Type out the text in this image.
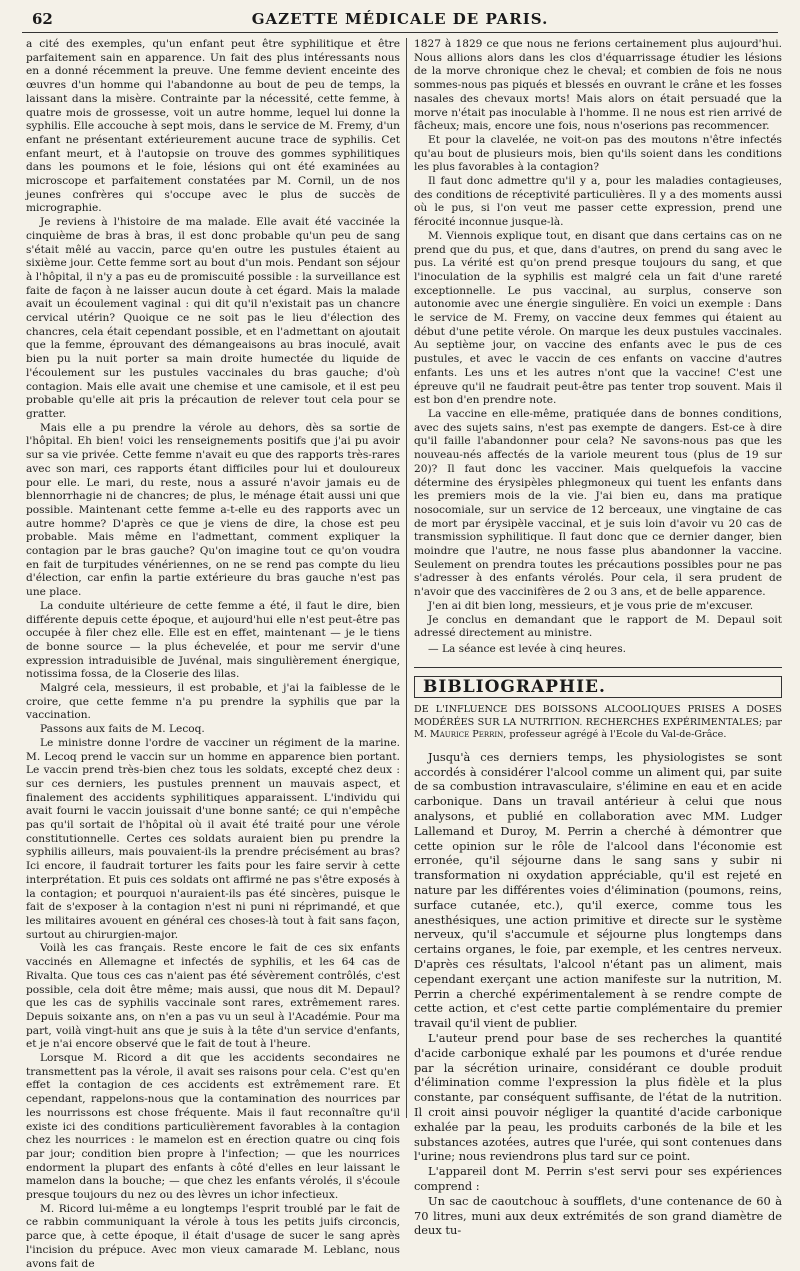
62	GAZETTE MÉDICALE DE PARIS.

a cité des exemples, qu'un enfant peut être syphilitique et être parfaitement sain en apparence. Un fait des plus intéressants nous en a donné récemment la preuve. Une femme devient enceinte des œuvres d'un homme qui l'abandonne au bout de peu de temps, la laissant dans la misère. Contrainte par la nécessité, cette femme, à quatre mois de grossesse, voit un autre homme, lequel lui donne la syphilis. Elle accouche à sept mois, dans le service de M. Fremy, d'un enfant ne présentant extérieurement aucune trace de syphilis. Cet enfant meurt, et à l'autopsie on trouve des gommes syphilitiques dans les poumons et le foie, lésions qui ont été examinées au microscope et parfaitement constatées par M. Cornil, un de nos jeunes confrères qui s'occupe avec le plus de succès de micrographie.

Je reviens à l'histoire de ma malade. Elle avait été vaccinée la cinquième de bras à bras, il est donc probable qu'un peu de sang s'était mêlé au vaccin, parce qu'en outre les pustules étaient au sixième jour. Cette femme sort au bout d'un mois. Pendant son séjour à l'hôpital, il n'y a pas eu de promiscuité possible : la surveillance est faite de façon à ne laisser aucun doute à cet égard. Mais la malade avait un écoulement vaginal : qui dit qu'il n'existait pas un chancre cervical utérin? Quoique ce ne soit pas le lieu d'élection des chancres, cela était cependant possible, et en l'admettant on ajoutait que la femme, éprouvant des démangeaisons au bras inoculé, avait bien pu la nuit porter sa main droite humectée du liquide de l'écoulement sur les pustules vaccinales du bras gauche; d'où contagion. Mais elle avait une chemise et une camisole, et il est peu probable qu'elle ait pris la précaution de relever tout cela pour se gratter.

Mais elle a pu prendre la vérole au dehors, dès sa sortie de l'hôpital. Eh bien! voici les renseignements positifs que j'ai pu avoir sur sa vie privée. Cette femme n'avait eu que des rapports très-rares avec son mari, ces rapports étant difficiles pour lui et douloureux pour elle. Le mari, du reste, nous a assuré n'avoir jamais eu de blennorrhagie ni de chancres; de plus, le ménage était aussi uni que possible. Maintenant cette femme a-t-elle eu des rapports avec un autre homme? D'après ce que je viens de dire, la chose est peu probable. Mais même en l'admettant, comment expliquer la contagion par le bras gauche? Qu'on imagine tout ce qu'on voudra en fait de turpitudes vénériennes, on ne se rend pas compte du lieu d'élection, car enfin la partie extérieure du bras gauche n'est pas une place.

La conduite ultérieure de cette femme a été, il faut le dire, bien différente depuis cette époque, et aujourd'hui elle n'est peut-être pas occupée à filer chez elle. Elle est en effet, maintenant — je le tiens de bonne source — la plus échevelée, et pour me servir d'une expression intraduisible de Juvénal, mais singulièrement énergique, notissima fossa, de la Closerie des lilas.

Malgré cela, messieurs, il est probable, et j'ai la faiblesse de le croire, que cette femme n'a pu prendre la syphilis que par la vaccination.

Passons aux faits de M. Lecoq.

Le ministre donne l'ordre de vacciner un régiment de la marine. M. Lecoq prend le vaccin sur un homme en apparence bien portant. Le vaccin prend très-bien chez tous les soldats, excepté chez deux : sur ces derniers, les pustules prennent un mauvais aspect, et finalement des accidents syphilitiques apparaissent. L'individu qui avait fourni le vaccin jouissait d'une bonne santé; ce qui n'empêche pas qu'il sortait de l'hôpital où il avait été traité pour une vérole constitutionnelle. Certes ces soldats auraient bien pu prendre la syphilis ailleurs, mais pouvaient-ils la prendre précisément au bras? Ici encore, il faudrait torturer les faits pour les faire servir à cette interprétation. Et puis ces soldats ont affirmé ne pas s'être exposés à la contagion; et pourquoi n'auraient-ils pas été sincères, puisque le fait de s'exposer à la contagion n'est ni puni ni réprimandé, et que les militaires avouent en général ces choses-là tout à fait sans façon, surtout au chirurgien-major.

Voilà les cas français. Reste encore le fait de ces six enfants vaccinés en Allemagne et infectés de syphilis, et les 64 cas de Rivalta. Que tous ces cas n'aient pas été sévèrement contrôlés, c'est possible, cela doit être même; mais aussi, que nous dit M. Depaul? que les cas de syphilis vaccinale sont rares, extrêmement rares. Depuis soixante ans, on n'en a pas vu un seul à l'Académie. Pour ma part, voilà vingt-huit ans que je suis à la tête d'un service d'enfants, et je n'ai encore observé que le fait de tout à l'heure.

Lorsque M. Ricord a dit que les accidents secondaires ne transmettent pas la vérole, il avait ses raisons pour cela. C'est qu'en effet la contagion de ces accidents est extrêmement rare. Et cependant, rappelons-nous que la contamination des nourrices par les nourrissons est chose fréquente. Mais il faut reconnaître qu'il existe ici des conditions particulièrement favorables à la contagion chez les nourrices : le mamelon est en érection quatre ou cinq fois par jour; condition bien propre à l'infection; — que les nourrices endorment la plupart des enfants à côté d'elles en leur laissant le mamelon dans la bouche; — que chez les enfants vérolés, il s'écoule presque toujours du nez ou des lèvres un ichor infectieux.

M. Ricord lui-même a eu longtemps l'esprit troublé par le fait de ce rabbin communiquant la vérole à tous les petits juifs circoncis, parce que, à cette époque, il était d'usage de sucer le sang après l'incision du prépuce. Avec mon vieux camarade M. Leblanc, nous avons fait de

1827 à 1829 ce que nous ne ferions certainement plus aujourd'hui. Nous allions alors dans les clos d'équarrissage étudier les lésions de la morve chronique chez le cheval; et combien de fois ne nous sommes-nous pas piqués et blessés en ouvrant le crâne et les fosses nasales des chevaux morts! Mais alors on était persuadé que la morve n'était pas inoculable à l'homme. Il ne nous est rien arrivé de fâcheux; mais, encore une fois, nous n'oserions pas recommencer.

Et pour la clavelée, ne voit-on pas des moutons n'être infectés qu'au bout de plusieurs mois, bien qu'ils soient dans les conditions les plus favorables à la contagion?

Il faut donc admettre qu'il y a, pour les maladies contagieuses, des conditions de réceptivité particulières. Il y a des moments aussi où le pus, si l'on veut me passer cette expression, prend une férocité inconnue jusque-là.

M. Viennois explique tout, en disant que dans certains cas on ne prend que du pus, et que, dans d'autres, on prend du sang avec le pus. La vérité est qu'on prend presque toujours du sang, et que l'inoculation de la syphilis est malgré cela un fait d'une rareté exceptionnelle. Le pus vaccinal, au surplus, conserve son autonomie avec une énergie singulière. En voici un exemple : Dans le service de M. Fremy, on vaccine deux femmes qui étaient au début d'une petite vérole. On marque les deux pustules vaccinales. Au septième jour, on vaccine des enfants avec le pus de ces pustules, et avec le vaccin de ces enfants on vaccine d'autres enfants. Les uns et les autres n'ont que la vaccine! C'est une épreuve qu'il ne faudrait peut-être pas tenter trop souvent. Mais il est bon d'en prendre note.

La vaccine en elle-même, pratiquée dans de bonnes conditions, avec des sujets sains, n'est pas exempte de dangers. Est-ce à dire qu'il faille l'abandonner pour cela? Ne savons-nous pas que les nouveau-nés affectés de la variole meurent tous (plus de 19 sur 20)? Il faut donc les vacciner. Mais quelquefois la vaccine détermine des érysipèles phlegmoneux qui tuent les enfants dans les premiers mois de la vie. J'ai bien eu, dans ma pratique nosocomiale, sur un service de 12 berceaux, une vingtaine de cas de mort par érysipèle vaccinal, et je suis loin d'avoir vu 20 cas de transmission syphilitique. Il faut donc que ce dernier danger, bien moindre que l'autre, ne nous fasse plus abandonner la vaccine. Seulement on prendra toutes les précautions possibles pour ne pas s'adresser à des enfants vérolés. Pour cela, il sera prudent de n'avoir que des vaccinifères de 2 ou 3 ans, et de belle apparence.

J'en ai dit bien long, messieurs, et je vous prie de m'excuser.

Je conclus en demandant que le rapport de M. Depaul soit adressé directement au ministre.

— La séance est levée à cinq heures.

BIBLIOGRAPHIE.

DE L'INFLUENCE DES BOISSONS ALCOOLIQUES PRISES A DOSES MODÉRÉES SUR LA NUTRITION. RECHERCHES EXPÉRIMENTALES; par M. Maurice Perrin, professeur agrégé à l'Ecole du Val-de-Grâce.

Jusqu'à ces derniers temps, les physiologistes se sont accordés à considérer l'alcool comme un aliment qui, par suite de sa combustion intravasculaire, s'élimine en eau et en acide carbonique. Dans un travail antérieur à celui que nous analysons, et publié en collaboration avec MM. Ludger Lallemand et Duroy, M. Perrin a cherché à démontrer que cette opinion sur le rôle de l'alcool dans l'économie est erronée, qu'il séjourne dans le sang sans y subir ni transformation ni oxydation appréciable, qu'il est rejeté en nature par les différentes voies d'élimination (poumons, reins, surface cutanée, etc.), qu'il exerce, comme tous les anesthésiques, une action primitive et directe sur le système nerveux, qu'il s'accumule et séjourne plus longtemps dans certains organes, le foie, par exemple, et les centres nerveux. D'après ces résultats, l'alcool n'étant pas un aliment, mais cependant exerçant une action manifeste sur la nutrition, M. Perrin a cherché expérimentalement à se rendre compte de cette action, et c'est cette partie complémentaire du premier travail qu'il vient de publier.

L'auteur prend pour base de ses recherches la quantité d'acide carbonique exhalé par les poumons et d'urée rendue par la sécrétion urinaire, considérant ce double produit d'élimination comme l'expression la plus fidèle et la plus constante, par conséquent suffisante, de l'état de la nutrition. Il croit ainsi pouvoir négliger la quantité d'acide carbonique exhalée par la peau, les produits carbonés de la bile et les substances azotées, autres que l'urée, qui sont contenues dans l'urine; nous reviendrons plus tard sur ce point.

L'appareil dont M. Perrin s'est servi pour ses expériences comprend :

Un sac de caoutchouc à soufflets, d'une contenance de 60 à 70 litres, muni aux deux extrémités de son grand diamètre de deux tu-
